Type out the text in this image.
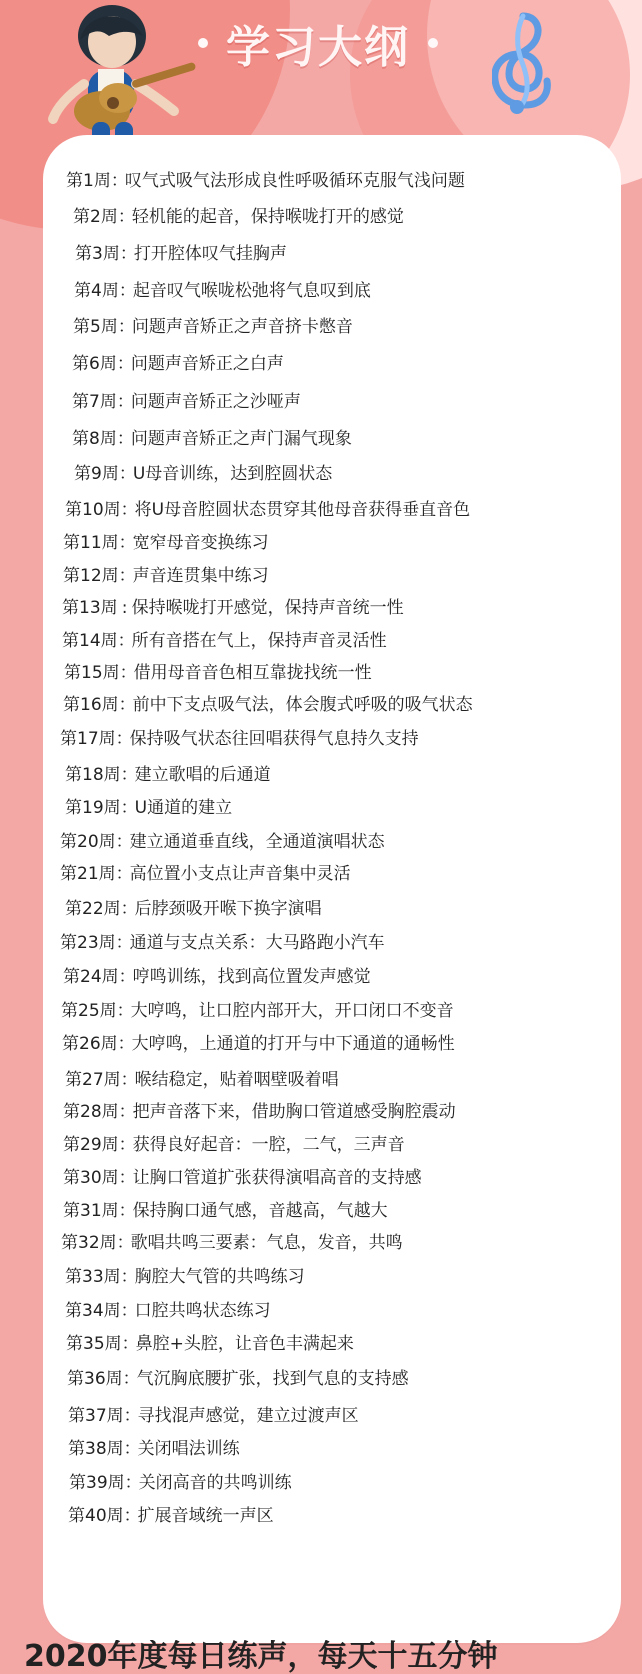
学习大纲
第1周 ：
叹气式吸气法形成良性呼吸循环克服气浅问题
第2周 ：
轻机能的起音，保持喉咙打开的感觉
第3周 ：
打开腔体叹气挂胸声
第4周 ：
起音叹气喉咙松弛将气息叹到底
第5周 ：
问题声音矫正之声音挤卡憋音
第6周 ：
问题声音矫正之白声
第7周 ：
问题声音矫正之沙哑声
第8周 ：
问题声音矫正之声门漏气现象
第9周 ：
U母音训练，达到腔圆状态
第10周 ：
将U母音腔圆状态贯穿其他母音获得垂直音色
第11周 ：
宽窄母音变换练习
第12周 ：
声音连贯集中练习
第13周 : 保持喉咙打开感觉，保持声音统一性
第14周 ：
所有音搭在气上，保持声音灵活性
第15周 ：
借用母音音色相互靠拢找统一性
第16周 ：
前中下支点吸气法，体会腹式呼吸的吸气状态
第17周 ：
保持吸气状态往回唱获得气息持久支持
第18周 ：
建立歌唱的后通道
第19周 ：
U通道的建立
第20周 ：
建立通道垂直线，全通道演唱状态
第21周 ：
高位置小支点让声音集中灵活
第22周 ：
后脖颈吸开喉下换字演唱
第23周 ：
通道与支点关系：大马路跑小汽车
第24周 ：
哼鸣训练，找到高位置发声感觉
第25周 ：
大哼鸣，让口腔内部开大，开口闭口不变音
第26周 ：
大哼鸣，上通道的打开与中下通道的通畅性
第27周 ：
喉结稳定，贴着咽壁吸着唱
第28周 ：
把声音落下来，借助胸口管道感受胸腔震动
第29周 ：
获得良好起音：一腔，二气，三声音
第30周 ：
让胸口管道扩张获得演唱高音的支持感
第31周 ：
保持胸口通气感，音越高，气越大
第32周 ：
歌唱共鸣三要素：气息，发音，共鸣
第33周 ：
胸腔大气管的共鸣练习
第34周 ：
口腔共鸣状态练习
第35周 ：
鼻腔+头腔，让音色丰满起来
第36周 ：
气沉胸底腰扩张，找到气息的支持感
第37周 ：
寻找混声感觉，建立过渡声区
第38周 ：
关闭唱法训练
第39周 ：
关闭高音的共鸣训练
第40周 ：
扩展音域统一声区
2020年度每日练声，每天十五分钟
